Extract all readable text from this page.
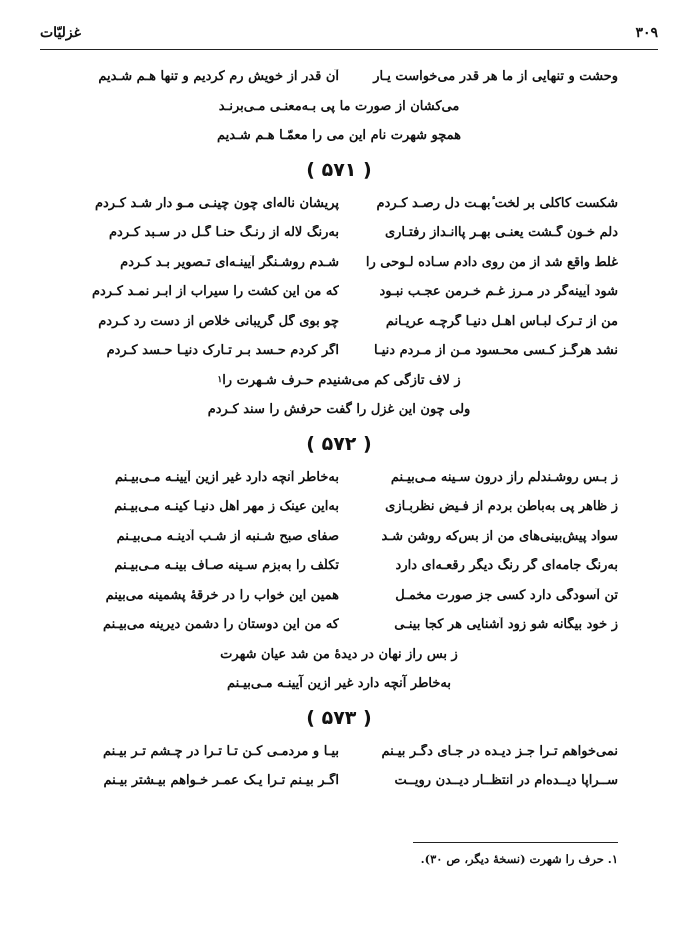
۳۰۹
غزلیّات
وحشت و تنهایی از ما هر قدر می‌خواست یـار
آن قدر از خویش رم کردیم و تنها هـم شـدیم
می‌کشان از صورت ما پی بـه‌معنـی مـی‌برنـد
همچو شهرت نام این می را معمّـا هـم شـدیم
( ۵۷۱ )
شکست کاکلی بر لخت ٔبهـت دل رصـد کـردم
پریشان ناله‌ای چون چینـی مـو دار شـد کـردم
دلم خـون گـشت یعنـی بهـر پاانـداز رفتـاری
به‌رنگ لاله از رنـگ حنـا گـل در سـبد کـردم
غلط واقع شد از من روی دادم سـاده لـوحی را
شـدم روشـنگر آیینـه‌ای تـصویر بـد کـردم
شود آیینه‌گر در مـرز غـم خـرمن عجـب نبـود
که من این کشت را سیراب از ابـر نمـد کـردم
من از تـرک لبـاس اهـل دنیـا گرچـه عریـانم
چو بوی گل گریبانی خلاص از دست رد کـردم
نشد هرگـز کـسی محـسود مـن از مـردم دنیـا
اگر کردم حـسد بـر تـارک دنیـا حـسد کـردم
ز لاف تازگی کم می‌شنیدم حـرف شـهرت را
۱
ولی چون این غزل را گفت حرفش را سند کـردم
( ۵۷۲ )
ز بـس روشـندلم راز درون سـینه مـی‌بیـنم
به‌خاطر آنچه دارد غیر ازین آیینـه مـی‌بیـنم
ز ظاهر پی به‌باطن بردم از فـیض نظربـازی
به‌این عینک ز مهر اهل دنیـا کینـه مـی‌بیـنم
سواد پیش‌بینی‌های من از بس‌که روشن شـد
صفای صبح شـنبه از شـب آدینـه مـی‌بیـنم
به‌رنگ جامه‌ای گر رنگ دیگر رقعـه‌ای دارد
تکلّف را به‌بزم سـینه صـاف بینـه مـی‌بیـنم
تن آسودگی دارد کسی جز صورت مخمـل
همین این خواب را در خرقهٔ پشمینه می‌بینم
ز خود بیگانه شو زود آشنایی هر کجا بینـی
که من این دوستان را دشمن دیرینه می‌بیـنم
ز بس راز نهان در دیدهٔ من شد عیان شهرت
به‌خاطر آنچه دارد غیر ازین آیینـه مـی‌بیـنم
( ۵۷۳ )
نمی‌خواهم تـرا جـز دیـده در جـای دگـر بیـنم
بیـا و مردمـی کـن تـا تـرا در چـشم تـر بیـنم
ســراپا دیــده‌ام در انتظــار دیــدن رویــت
اگـر بیـنم تـرا یـک عمـر خـواهم بیـشتر بیـنم
۱. حرف را شهرت (نسخهٔ دیگر، ص ۳۰).
